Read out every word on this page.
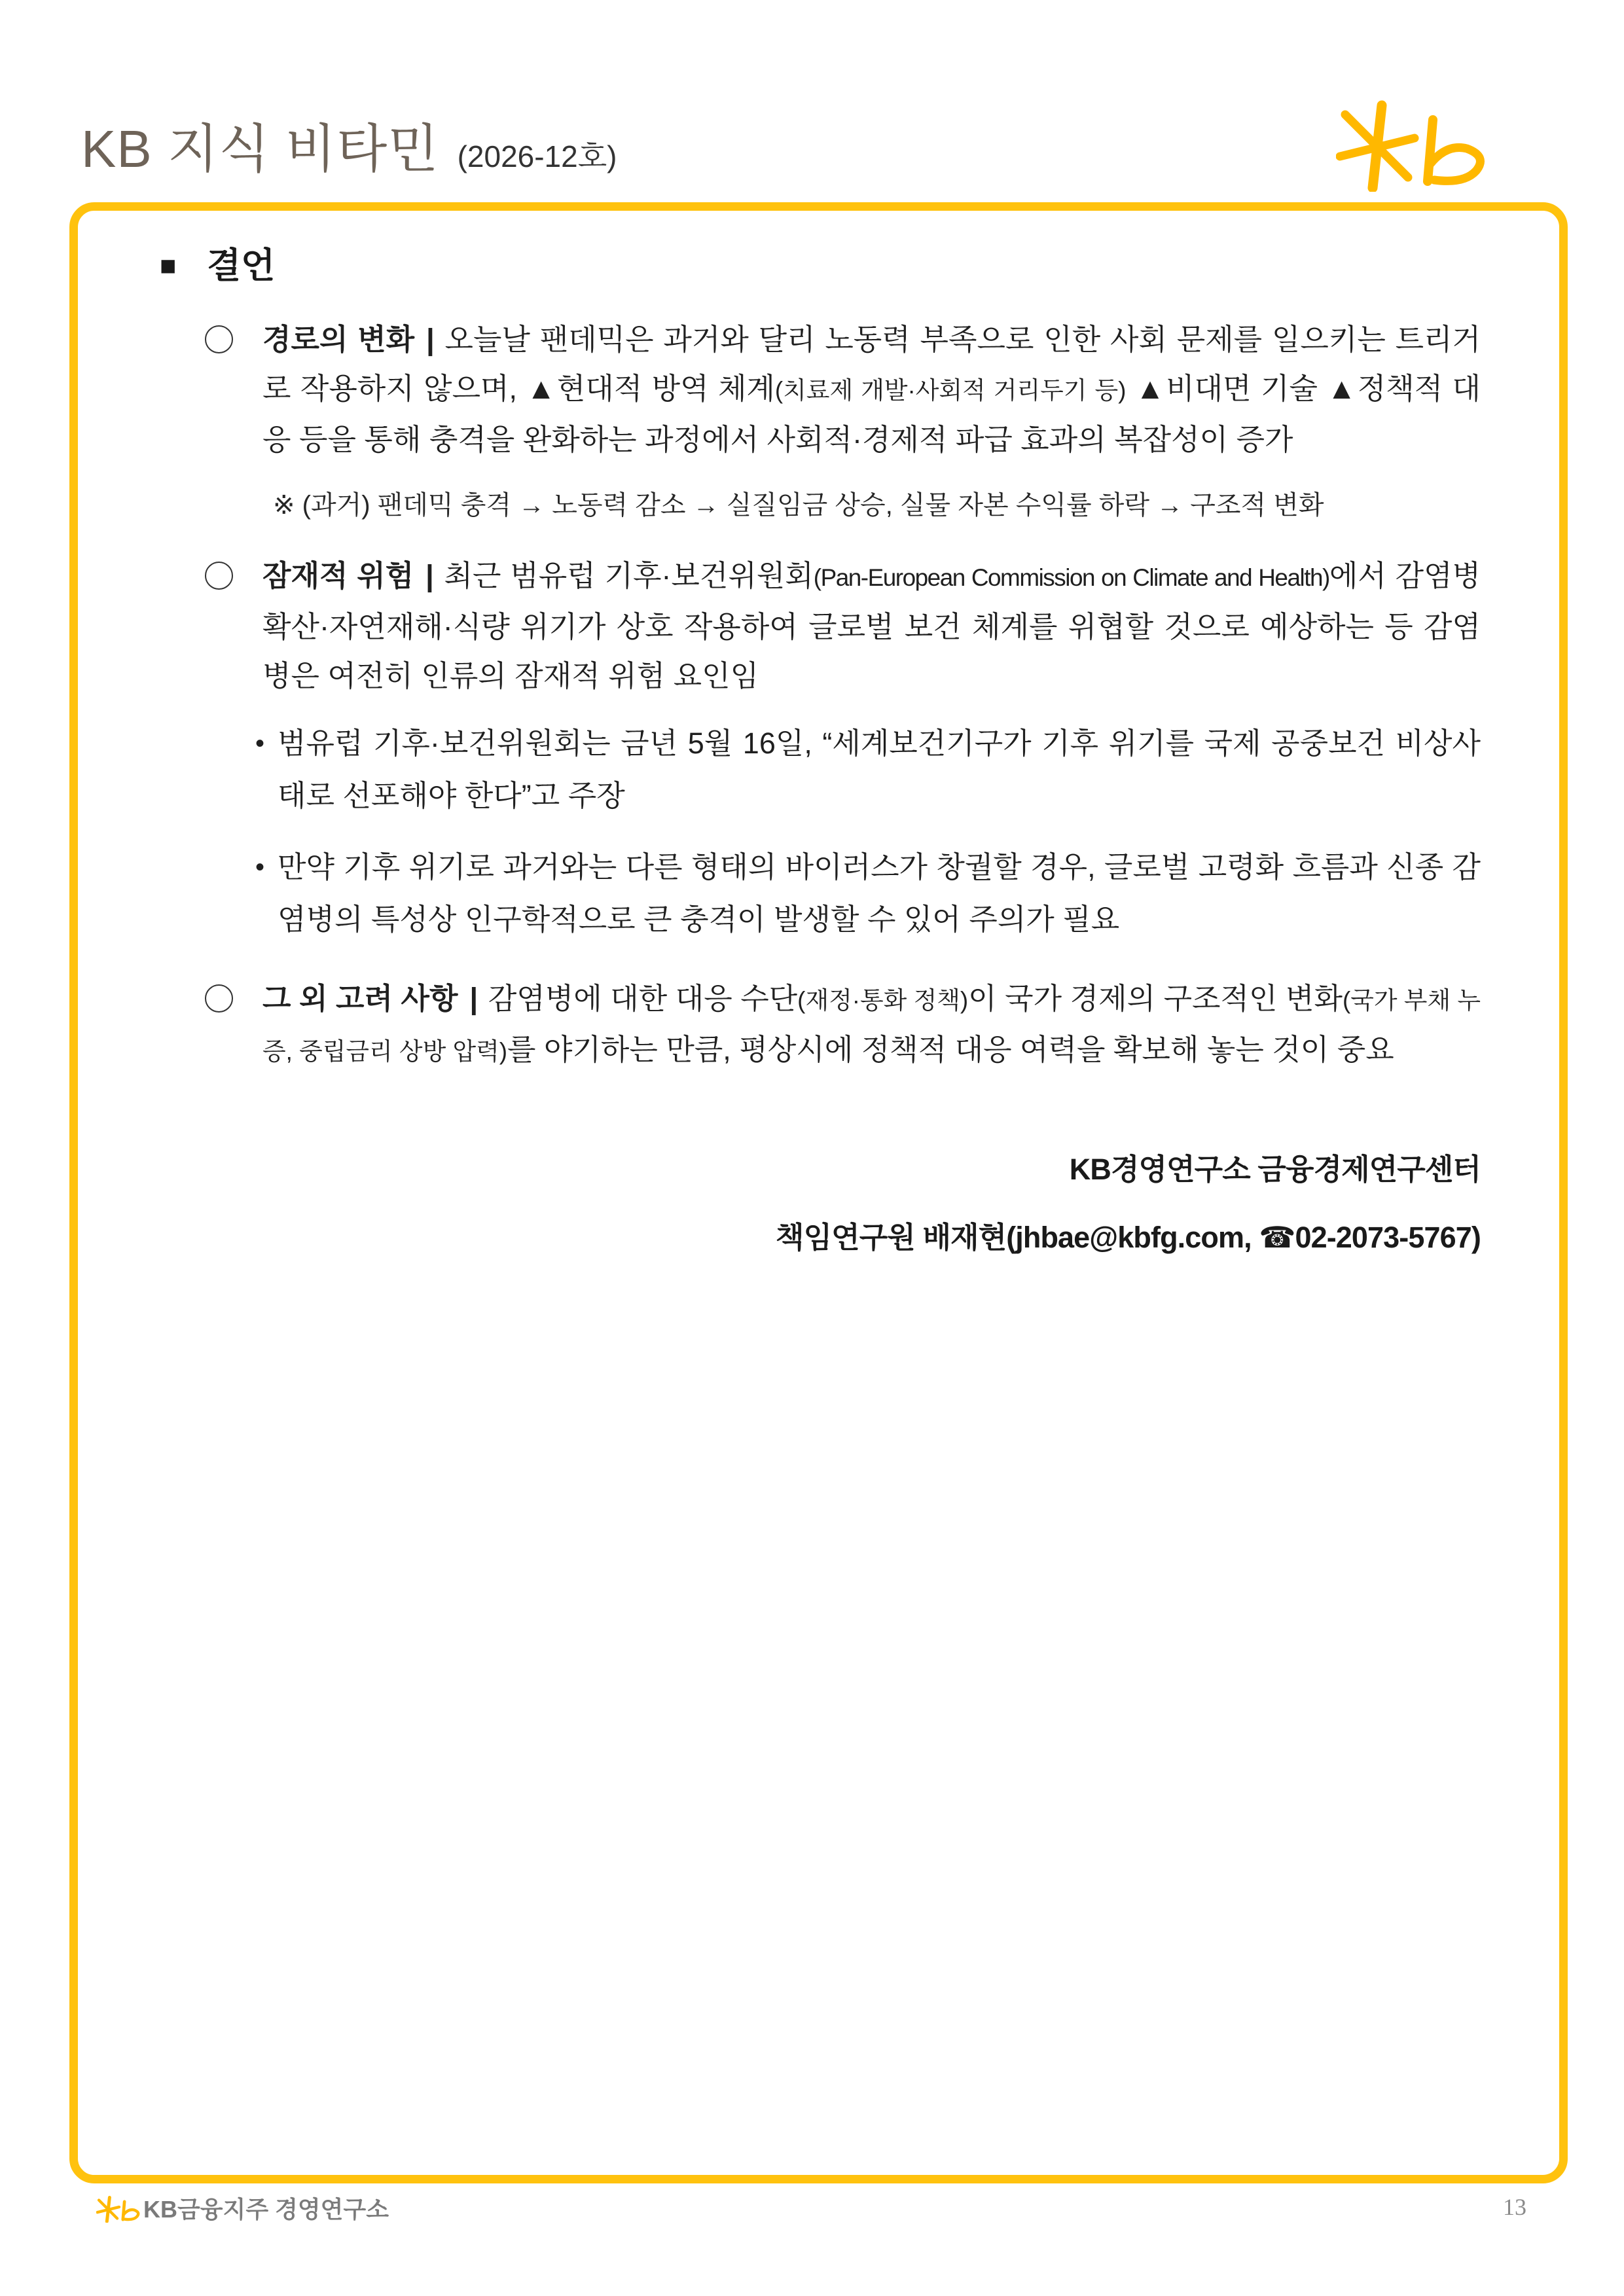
KB 지식 비타민 (2026-12호)
■ 결언

경로의 변화 | 오늘날 팬데믹은 과거와 달리 노동력 부족으로 인한 사회 문제를 일으키는 트리거로 작용하지 않으며, ▲현대적 방역 체계(치료제 개발·사회적 거리두기 등) ▲비대면 기술 ▲정책적 대응 등을 통해 충격을 완화하는 과정에서 사회적·경제적 파급 효과의 복잡성이 증가

※ (과거) 팬데믹 충격 → 노동력 감소 → 실질임금 상승, 실물 자본 수익률 하락 → 구조적 변화

잠재적 위험 | 최근 범유럽 기후·보건위원회(Pan-European Commission on Climate and Health)에서 감염병 확산·자연재해·식량 위기가 상호 작용하여 글로벌 보건 체계를 위협할 것으로 예상하는 등 감염병은 여전히 인류의 잠재적 위험 요인임

• 범유럽 기후·보건위원회는 금년 5월 16일, “세계보건기구가 기후 위기를 국제 공중보건 비상사태로 선포해야 한다”고 주장

• 만약 기후 위기로 과거와는 다른 형태의 바이러스가 창궐할 경우, 글로벌 고령화 흐름과 신종 감염병의 특성상 인구학적으로 큰 충격이 발생할 수 있어 주의가 필요

그 외 고려 사항 | 감염병에 대한 대응 수단(재정·통화 정책)이 국가 경제의 구조적인 변화(국가 부채 누증, 중립금리 상방 압력)를 야기하는 만큼, 평상시에 정책적 대응 여력을 확보해 놓는 것이 중요

KB경영연구소 금융경제연구센터
책임연구원 배재현(jhbae@kbfg.com, ☎02-2073-5767)
KB금융지주 경영연구소	13
